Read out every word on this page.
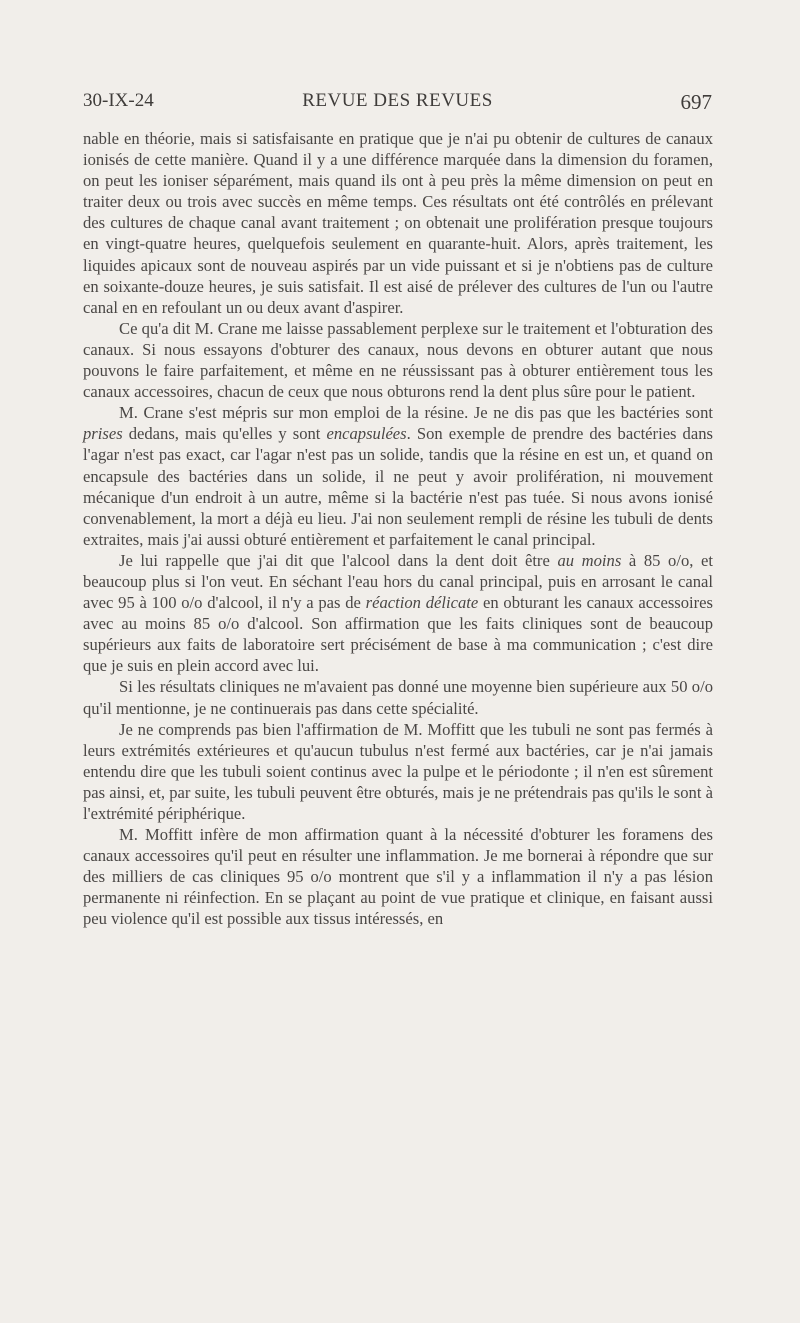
30-IX-24	REVUE DES REVUES	697

nable en théorie, mais si satisfaisante en pratique que je n'ai pu obtenir de cultures de canaux ionisés de cette manière. Quand il y a une différence marquée dans la dimension du foramen, on peut les ioniser séparément, mais quand ils ont à peu près la même dimension on peut en traiter deux ou trois avec succès en même temps. Ces résultats ont été contrôlés en prélevant des cultures de chaque canal avant traitement ; on obtenait une prolifération presque toujours en vingt-quatre heures, quelquefois seulement en quarante-huit. Alors, après traitement, les liquides apicaux sont de nouveau aspirés par un vide puissant et si je n'obtiens pas de culture en soixante-douze heures, je suis satisfait. Il est aisé de prélever des cultures de l'un ou l'autre canal en en refoulant un ou deux avant d'aspirer.

Ce qu'a dit M. Crane me laisse passablement perplexe sur le traitement et l'obturation des canaux. Si nous essayons d'obturer des canaux, nous devons en obturer autant que nous pouvons le faire parfaitement, et même en ne réussissant pas à obturer entièrement tous les canaux accessoires, chacun de ceux que nous obturons rend la dent plus sûre pour le patient.

M. Crane s'est mépris sur mon emploi de la résine. Je ne dis pas que les bactéries sont prises dedans, mais qu'elles y sont encapsulées. Son exemple de prendre des bactéries dans l'agar n'est pas exact, car l'agar n'est pas un solide, tandis que la résine en est un, et quand on encapsule des bactéries dans un solide, il ne peut y avoir prolifération, ni mouvement mécanique d'un endroit à un autre, même si la bactérie n'est pas tuée. Si nous avons ionisé convenablement, la mort a déjà eu lieu. J'ai non seulement rempli de résine les tubuli de dents extraites, mais j'ai aussi obturé entièrement et parfaitement le canal principal.

Je lui rappelle que j'ai dit que l'alcool dans la dent doit être au moins à 85 o/o, et beaucoup plus si l'on veut. En séchant l'eau hors du canal principal, puis en arrosant le canal avec 95 à 100 o/o d'alcool, il n'y a pas de réaction délicate en obturant les canaux accessoires avec au moins 85 o/o d'alcool. Son affirmation que les faits cliniques sont de beaucoup supérieurs aux faits de laboratoire sert précisément de base à ma communication ; c'est dire que je suis en plein accord avec lui.

Si les résultats cliniques ne m'avaient pas donné une moyenne bien supérieure aux 50 o/o qu'il mentionne, je ne continuerais pas dans cette spécialité.

Je ne comprends pas bien l'affirmation de M. Moffitt que les tubuli ne sont pas fermés à leurs extrémités extérieures et qu'aucun tubulus n'est fermé aux bactéries, car je n'ai jamais entendu dire que les tubuli soient continus avec la pulpe et le périodonte ; il n'en est sûrement pas ainsi, et, par suite, les tubuli peuvent être obturés, mais je ne prétendrais pas qu'ils le sont à l'extrémité périphérique.

M. Moffitt infère de mon affirmation quant à la nécessité d'obturer les foramens des canaux accessoires qu'il peut en résulter une inflammation. Je me bornerai à répondre que sur des milliers de cas cliniques 95 o/o montrent que s'il y a inflammation il n'y a pas lésion permanente ni réinfection. En se plaçant au point de vue pratique et clinique, en faisant aussi peu violence qu'il est possible aux tissus intéressés, en
